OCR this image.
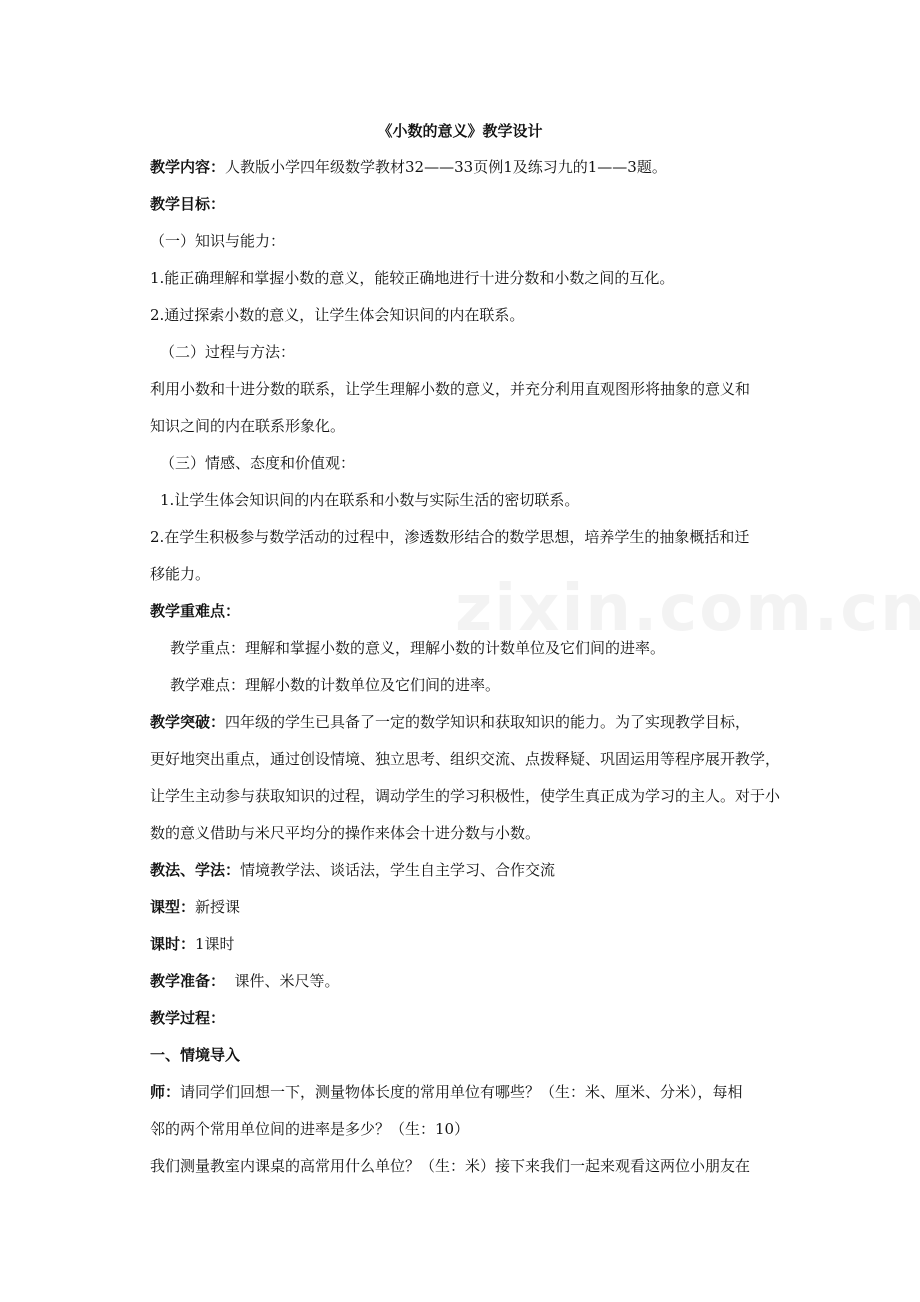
《小数的意义》教学设计
教学内容：人教版小学四年级数学教材32——33页例1及练习九的1——3题。
教学目标：
（一）知识与能力：
1.能正确理解和掌握小数的意义，能较正确地进行十进分数和小数之间的互化。
2.通过探索小数的意义，让学生体会知识间的内在联系。
（二）过程与方法：
利用小数和十进分数的联系，让学生理解小数的意义，并充分利用直观图形将抽象的意义和
知识之间的内在联系形象化。
（三）情感、态度和价值观：
1.让学生体会知识间的内在联系和小数与实际生活的密切联系。
2.在学生积极参与数学活动的过程中，渗透数形结合的数学思想，培养学生的抽象概括和迁
移能力。
教学重难点：
教学重点：理解和掌握小数的意义，理解小数的计数单位及它们间的进率。
教学难点：理解小数的计数单位及它们间的进率。
教学突破：四年级的学生已具备了一定的数学知识和获取知识的能力。为了实现教学目标，
更好地突出重点，通过创设情境、独立思考、组织交流、点拨释疑、巩固运用等程序展开教学，
让学生主动参与获取知识的过程，调动学生的学习积极性，使学生真正成为学习的主人。对于小
数的意义借助与米尺平均分的操作来体会十进分数与小数。
教法、学法：情境教学法、谈话法，学生自主学习、合作交流
课型：新授课
课时：1课时
教学准备：  课件、米尺等。
教学过程：
一、情境导入
师：请同学们回想一下，测量物体长度的常用单位有哪些？（生：米、厘米、分米），每相
邻的两个常用单位间的进率是多少？（生：10）
我们测量教室内课桌的高常用什么单位？（生：米）接下来我们一起来观看这两位小朋友在
